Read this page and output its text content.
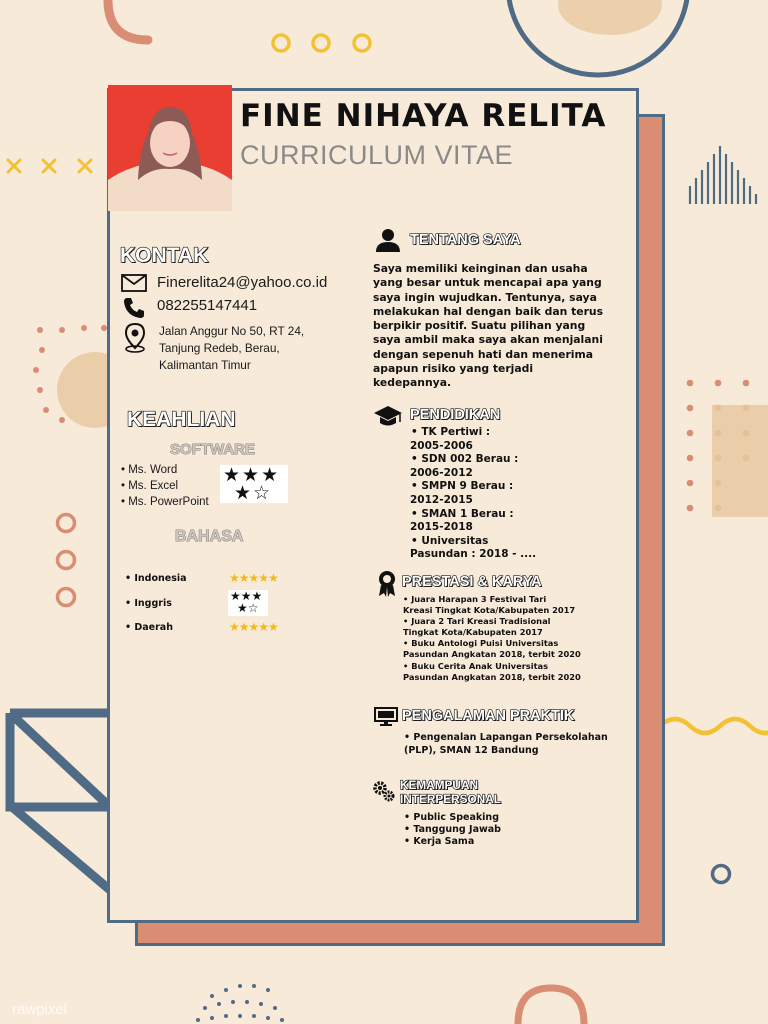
FINE NIHAYA RELITA
CURRICULUM VITAE
KONTAK
Finerelita24@yahoo.co.id
082255147441
Jalan Anggur No 50, RT 24,
Tanjung Redeb, Berau,
Kalimantan Timur
KEAHLIAN
SOFTWARE
• Ms. Word
• Ms. Excel
• Ms. PowerPoint
★★★
★☆
BAHASA
• Indonesia	★★★★★
• Inggris
★★★
★☆
• Daerah	★★★★★
TENTANG SAYA
Saya memiliki keinginan dan usaha
yang besar untuk mencapai apa yang
saya ingin wujudkan. Tentunya, saya
melakukan hal dengan baik dan terus
berpikir positif. Suatu pilihan yang
saya ambil maka saya akan menjalani
dengan sepenuh hati dan menerima
apapun risiko yang terjadi
kedepannya.
PENDIDIKAN
• TK Pertiwi :
2005-2006
• SDN 002 Berau :
2006-2012
• SMPN 9 Berau :
2012-2015
• SMAN 1 Berau :
2015-2018
• Universitas
Pasundan : 2018 - ....
PRESTASI & KARYA
• Juara Harapan 3 Festival Tari
Kreasi Tingkat Kota/Kabupaten 2017
• Juara 2 Tari Kreasi Tradisional
Tingkat Kota/Kabupaten 2017
• Buku Antologi Puisi Universitas
Pasundan Angkatan 2018, terbit 2020
• Buku Cerita Anak Universitas
Pasundan Angkatan 2018, terbit 2020
PENGALAMAN PRAKTIK
• Pengenalan Lapangan Persekolahan
(PLP), SMAN 12 Bandung
KEMAMPUAN
INTERPERSONAL
• Public Speaking
• Tanggung Jawab
• Kerja Sama
rawpixel
